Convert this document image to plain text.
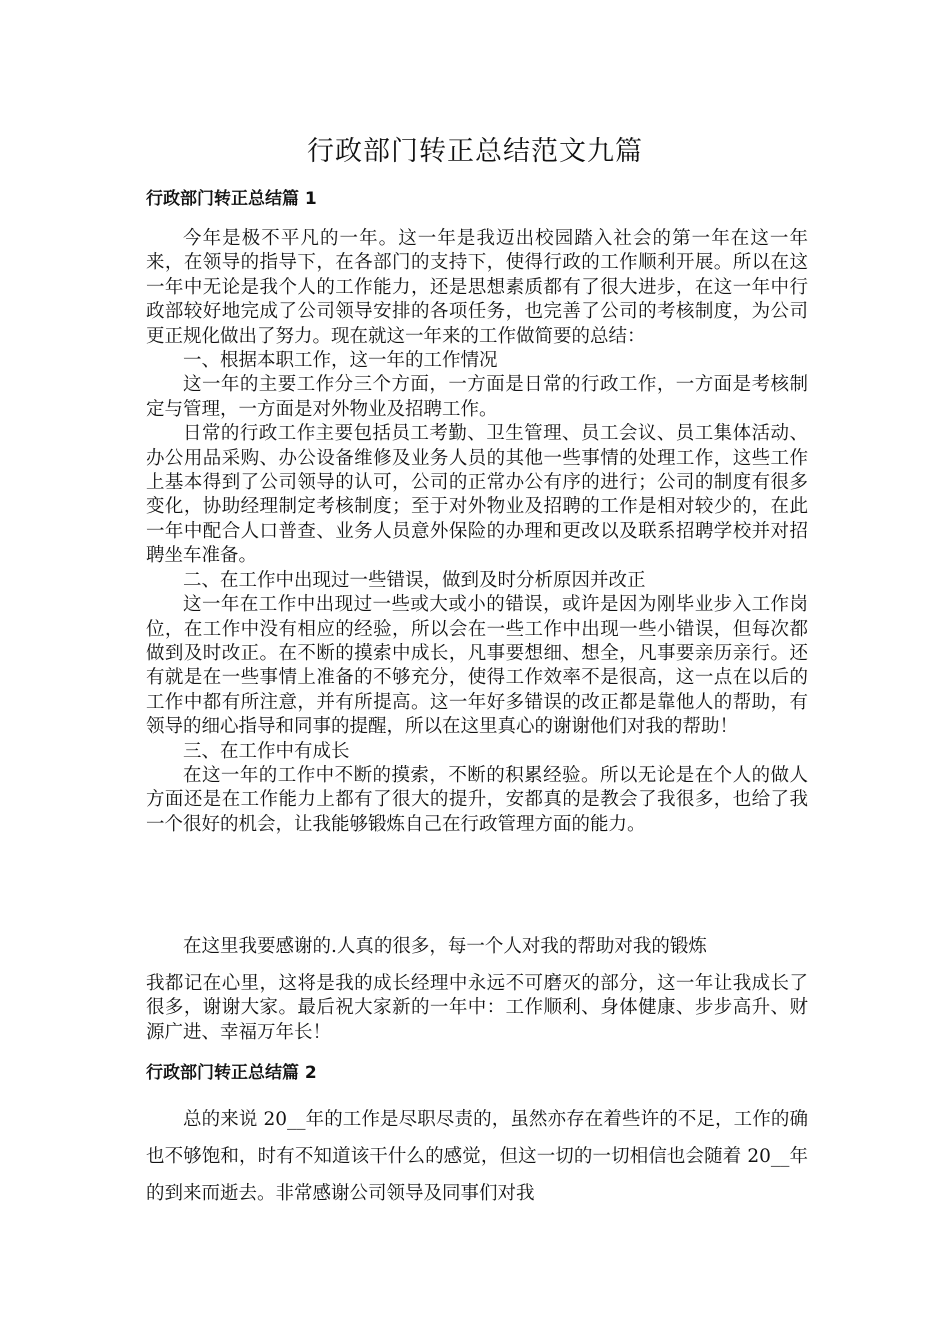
行政部门转正总结范文九篇
行政部门转正总结篇 1

今年是极不平凡的一年。这一年是我迈出校园踏入社会的第一年在这一年来，在领导的指导下，在各部门的支持下，使得行政的工作顺利开展。所以在这一年中无论是我个人的工作能力，还是思想素质都有了很大进步，在这一年中行政部较好地完成了公司领导安排的各项任务，也完善了公司的考核制度，为公司更正规化做出了努力。现在就这一年来的工作做简要的总结：

一、根据本职工作，这一年的工作情况

这一年的主要工作分三个方面，一方面是日常的行政工作，一方面是考核制定与管理，一方面是对外物业及招聘工作。

日常的行政工作主要包括员工考勤、卫生管理、员工会议、员工集体活动、办公用品采购、办公设备维修及业务人员的其他一些事情的处理工作，这些工作上基本得到了公司领导的认可，公司的正常办公有序的进行；公司的制度有很多变化，协助经理制定考核制度；至于对外物业及招聘的工作是相对较少的，在此一年中配合人口普查、业务人员意外保险的办理和更改以及联系招聘学校并对招聘坐车准备。

二、在工作中出现过一些错误，做到及时分析原因并改正

这一年在工作中出现过一些或大或小的错误，或许是因为刚毕业步入工作岗位，在工作中没有相应的经验，所以会在一些工作中出现一些小错误，但每次都做到及时改正。在不断的摸索中成长，凡事要想细、想全，凡事要亲历亲行。还有就是在一些事情上准备的不够充分，使得工作效率不是很高，这一点在以后的工作中都有所注意，并有所提高。这一年好多错误的改正都是靠他人的帮助，有领导的细心指导和同事的提醒，所以在这里真心的谢谢他们对我的帮助！

三、在工作中有成长

在这一年的工作中不断的摸索，不断的积累经验。所以无论是在个人的做人方面还是在工作能力上都有了很大的提升，安都真的是教会了我很多，也给了我一个很好的机会，让我能够锻炼自己在行政管理方面的能力。

在这里我要感谢的.人真的很多，每一个人对我的帮助对我的锻炼

我都记在心里，这将是我的成长经理中永远不可磨灭的部分，这一年让我成长了很多，谢谢大家。最后祝大家新的一年中：工作顺利、身体健康、步步高升、财源广进、幸福万年长！

行政部门转正总结篇 2

总的来说 20__年的工作是尽职尽责的，虽然亦存在着些许的不足，工作的确也不够饱和，时有不知道该干什么的感觉，但这一切的一切相信也会随着 20__年的到来而逝去。非常感谢公司领导及同事们对我
